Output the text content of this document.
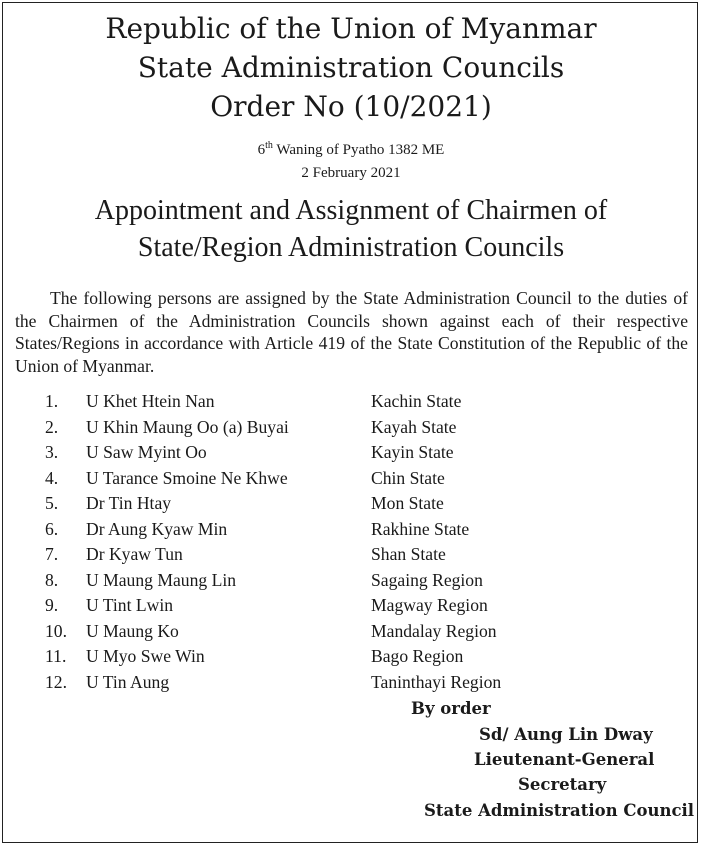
Republic of the Union of Myanmar
State Administration Councils
Order No (10/2021)
6th Waning of Pyatho 1382 ME
2 February 2021
Appointment and Assignment of Chairmen of
State/Region Administration Councils
The following persons are assigned by the State Administration Council to the duties of the Chairmen of the Administration Councils shown against each of their respective States/Regions in accordance with Article 419 of the State Constitution of the Republic of the Union of Myanmar.
1. U Khet Htein Nan	Kachin State
2. U Khin Maung Oo (a) Buyai	Kayah State
3. U Saw Myint Oo	Kayin State
4. U Tarance Smoine Ne Khwe	Chin State
5. Dr Tin Htay	Mon State
6. Dr Aung Kyaw Min	Rakhine State
7. Dr Kyaw Tun	Shan State
8. U Maung Maung Lin	Sagaing Region
9. U Tint Lwin	Magway Region
10. U Maung Ko	Mandalay Region
11. U Myo Swe Win	Bago Region
12. U Tin Aung	Taninthayi Region
By order
Sd/ Aung Lin Dway
Lieutenant-General
Secretary
State Administration Council
